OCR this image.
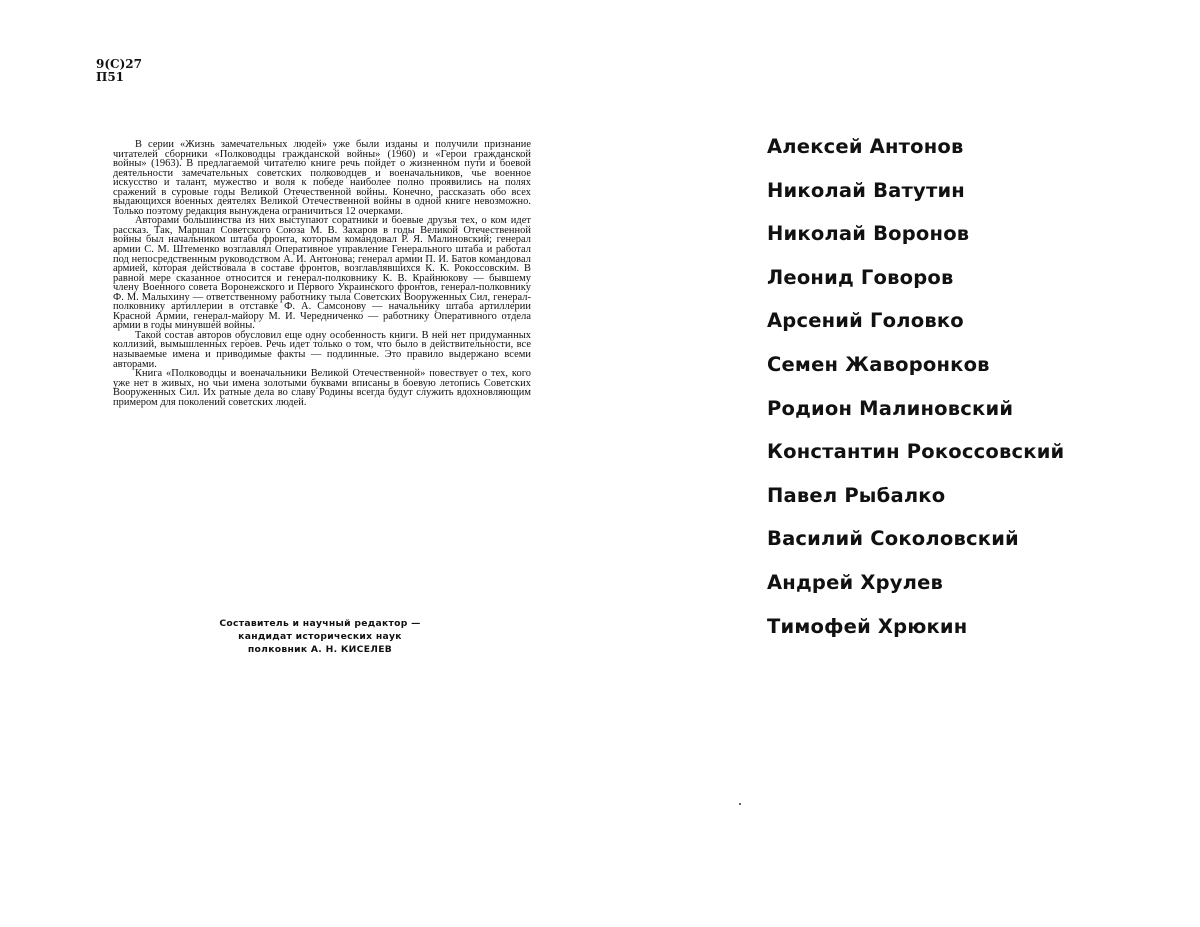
9(С)27
П51

В серии «Жизнь замечательных людей» уже были изданы и получили признание читателей сборники «Полководцы гражданской войны» (1960) и «Герои гражданской войны» (1963). В предлагаемой читателю книге речь пойдет о жизненном пути и боевой деятельности замечательных советских полководцев и военачальников, чье военное искусство и талант, мужество и воля к победе наиболее полно проявились на полях сражений в суровые годы Великой Отечественной войны. Конечно, рассказать обо всех выдающихся военных деятелях Великой Отечественной войны в одной книге невозможно. Только поэтому редакция вынуждена ограничиться 12 очерками.

Авторами большинства из них выступают соратники и боевые друзья тех, о ком идет рассказ. Так, Маршал Советского Союза М. В. Захаров в годы Великой Отечественной войны был начальником штаба фронта, которым командовал Р. Я. Малиновский; генерал армии С. М. Штеменко возглавлял Оперативное управление Генерального штаба и работал под непосредственным руководством А. И. Антонова; генерал армии П. И. Батов командовал армией, которая действовала в составе фронтов, возглавлявшихся К. К. Рокоссовским. В равной мере сказанное относится и генерал-полковнику К. В. Крайнюкову — бывшему члену Военного совета Воронежского и Первого Украинского фронтов, генерал-полковнику Ф. М. Малыхину — ответственному работнику тыла Советских Вооруженных Сил, генерал-полковнику артиллерии в отставке Ф. А. Самсонову — начальнику штаба артиллерии Красной Армии, генерал-майору М. И. Чередниченко — работнику Оперативного отдела армии в годы минувшей войны.

Такой состав авторов обусловил еще одну особенность книги. В ней нет придуманных коллизий, вымышленных героев. Речь идет только о том, что было в действительности, все называемые имена и приводимые факты — подлинные. Это правило выдержано всеми авторами.

Книга «Полководцы и военачальники Великой Отечественной» повествует о тех, кого уже нет в живых, но чьи имена золотыми буквами вписаны в боевую летопись Советских Вооруженных Сил. Их ратные дела во славу Родины всегда будут служить вдохновляющим примером для поколений советских людей.

Составитель и научный редактор —
кандидат исторических наук
полковник А. Н. КИСЕЛЕВ
Алексей Антонов
Николай Ватутин
Николай Воронов
Леонид Говоров
Арсений Головко
Семен Жаворонков
Родион Малиновский
Константин Рокоссовский
Павел Рыбалко
Василий Соколовский
Андрей Хрулев
Тимофей Хрюкин
